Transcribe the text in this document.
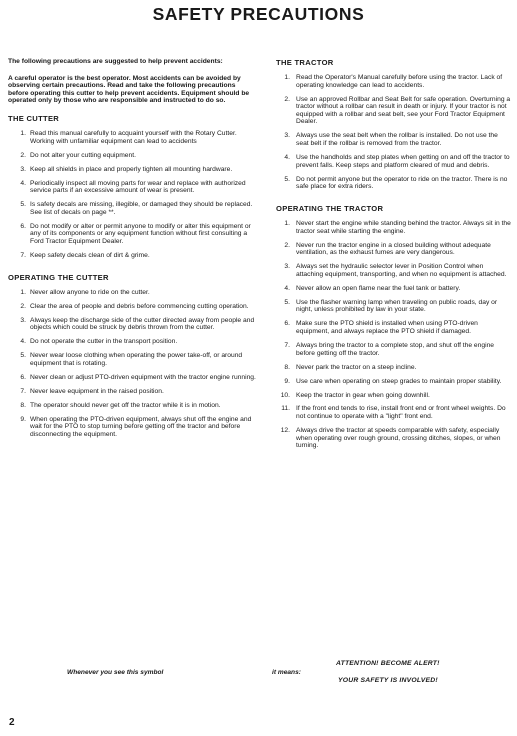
SAFETY PRECAUTIONS

The following precautions are suggested to help prevent accidents:

A careful operator is the best operator. Most accidents can be avoided by observing certain precautions. Read and take the following precautions before operating this cutter to help prevent accidents. Equipment should be operated only by those who are responsible and instructed to do so.

THE CUTTER
1. Read this manual carefully to acquaint yourself with the Rotary Cutter. Working with unfamiliar equipment can lead to accidents
2. Do not alter your cutting equipment.
3. Keep all shields in place and properly tighten all mounting hardware.
4. Periodically inspect all moving parts for wear and replace with authorized service parts if an excessive amount of wear is present.
5. Is safety decals are missing, illegible, or damaged they should be replaced. See list of decals on page **.
6. Do not modify or alter or permit anyone to modify or alter this equipment or any of its components or any equipment function without first consulting a Ford Tractor Equipment Dealer.
7. Keep safety decals clean of dirt & grime.
OPERATING THE CUTTER
1. Never allow anyone to ride on the cutter.
2. Clear the area of people and debris before commencing cutting operation.
3. Always keep the discharge side of the cutter directed away from people and objects which could be struck by debris thrown from the cutter.
4. Do not operate the cutter in the transport position.
5. Never wear loose clothing when operating the power take-off, or around equipment that is rotating.
6. Never clean or adjust PTO-driven equipment with the tractor engine running.
7. Never leave equipment in the raised position.
8. The operator should never get off the tractor while it is in motion.
9. When operating the PTO-driven equipment, always shut off the engine and wait for the PTO to stop turning before getting off the tractor and before disconnecting the equipment.
THE TRACTOR
1. Read the Operator's Manual carefully before using the tractor. Lack of operating knowledge can lead to accidents.
2. Use an approved Rollbar and Seat Belt for safe operation. Overturning a tractor without a rollbar can result in death or injury. If your tractor is not equipped with a rollbar and seat belt, see your Ford Tractor Equipment Dealer.
3. Always use the seat belt when the rollbar is installed. Do not use the seat belt if the rollbar is removed from the tractor.
4. Use the handholds and step plates when getting on and off the tractor to prevent falls. Keep steps and platform cleared of mud and debris.
5. Do not permit anyone but the operator to ride on the tractor. There is no safe place for extra riders.
OPERATING THE TRACTOR
1. Never start the engine while standing behind the tractor. Always sit in the tractor seat while starting the engine.
2. Never run the tractor engine in a closed building without adequate ventilation, as the exhaust fumes are very dangerous.
3. Always set the hydraulic selector lever in Position Control when attaching equipment, transporting, and when no equipment is attached.
4. Never allow an open flame near the fuel tank or battery.
5. Use the flasher warning lamp when traveling on public roads, day or night, unless prohibited by law in your state.
6. Make sure the PTO shield is installed when using PTO-driven equipment, and always replace the PTO shield if damaged.
7. Always bring the tractor to a complete stop, and shut off the engine before getting off the tractor.
8. Never park the tractor on a steep incline.
9. Use care when operating on steep grades to maintain proper stability.
10. Keep the tractor in gear when going downhill.
11. If the front end tends to rise, install front end or front wheel weights. Do not continue to operate with a "light" front end.
12. Always drive the tractor at speeds comparable with safety, especially when operating over rough ground, crossing ditches, slopes, or when turning.
Whenever you see this symbol	it means:
ATTENTION! BECOME ALERT!
YOUR SAFETY IS INVOLVED!
2
